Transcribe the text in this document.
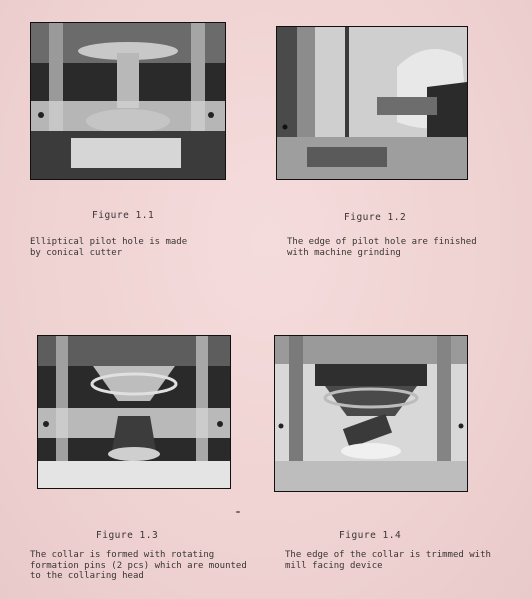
Figure 1.1
Elliptical pilot hole is made
by conical cutter
Figure 1.2
The edge of pilot hole are finished
with machine grinding
Figure 1.3
The collar is formed with rotating
formation pins (2 pcs) which are mounted
to the collaring head
Figure 1.4
The edge of the collar is trimmed with
mill facing device
